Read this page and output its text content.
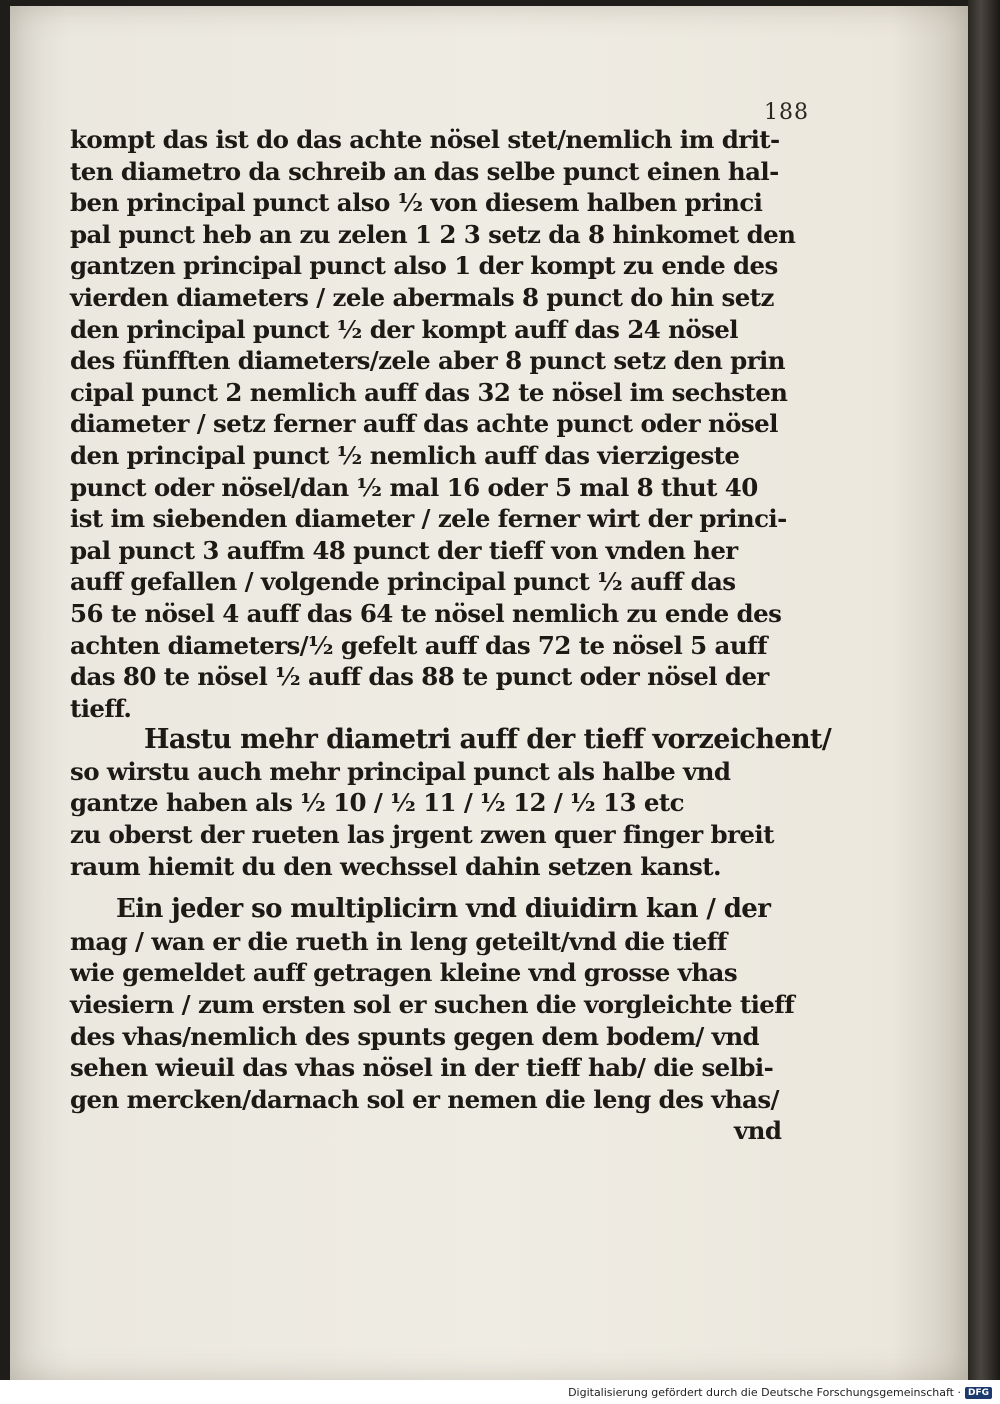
188
kompt das ist do das achte nösel stet/nemlich im drit-
ten diametro da schreib an das selbe punct einen hal-
ben principal punct also ½ von diesem halben princi
pal punct heb an zu zelen 1 2 3 setz da 8 hinkomet den
gantzen principal punct also 1 der kompt zu ende des
vierden diameters / zele abermals 8 punct do hin setz
den principal punct ½ der kompt auff das 24 nösel
des fünfften diameters/zele aber 8 punct setz den prin
cipal punct 2 nemlich auff das 32 te nösel im sechsten
diameter / setz ferner auff das achte punct oder nösel
den principal punct ½ nemlich auff das vierzigeste
punct oder nösel/dan ½ mal 16 oder 5 mal 8 thut 40
ist im siebenden diameter / zele ferner wirt der princi-
pal punct 3 auffm 48 punct der tieff von vnden her
auff gefallen / volgende principal punct ½ auff das
56 te nösel 4 auff das 64 te nösel nemlich zu ende des
achten diameters/½ gefelt auff das 72 te nösel 5 auff
das 80 te nösel ½ auff das 88 te punct oder nösel der
tieff.
Hastu mehr diametri auff der tieff vorzeichent/
so wirstu auch mehr principal punct als halbe vnd
gantze haben als ½ 10 / ½ 11 / ½ 12 / ½ 13 etc
zu oberst der rueten las jrgent zwen quer finger breit
raum hiemit du den wechssel dahin setzen kanst.
Ein jeder so multiplicirn vnd diuidirn kan / der
mag / wan er die rueth in leng geteilt/vnd die tieff
wie gemeldet auff getragen kleine vnd grosse vhas
viesiern / zum ersten sol er suchen die vorgleichte tieff
des vhas/nemlich des spunts gegen dem bodem/ vnd
sehen wieuil das vhas nösel in der tieff hab/ die selbi-
gen mercken/darnach sol er nemen die leng des vhas/
vnd
Digitalisierung gefördert durch die Deutsche Forschungsgemeinschaft · DFG
